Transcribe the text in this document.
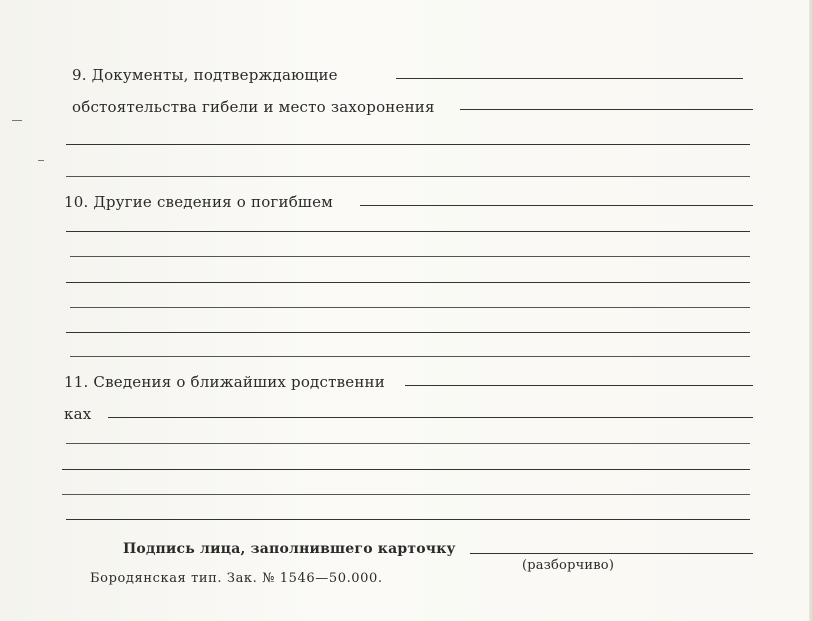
9. Документы, подтверждающие
обстоятельства гибели и место захоронения
10. Другие сведения о погибшем
11. Сведения о ближайших родственни
ках
Подпись лица, заполнившего карточку
(разборчиво)
Бородянская тип. Зак. № 1546—50.000.
